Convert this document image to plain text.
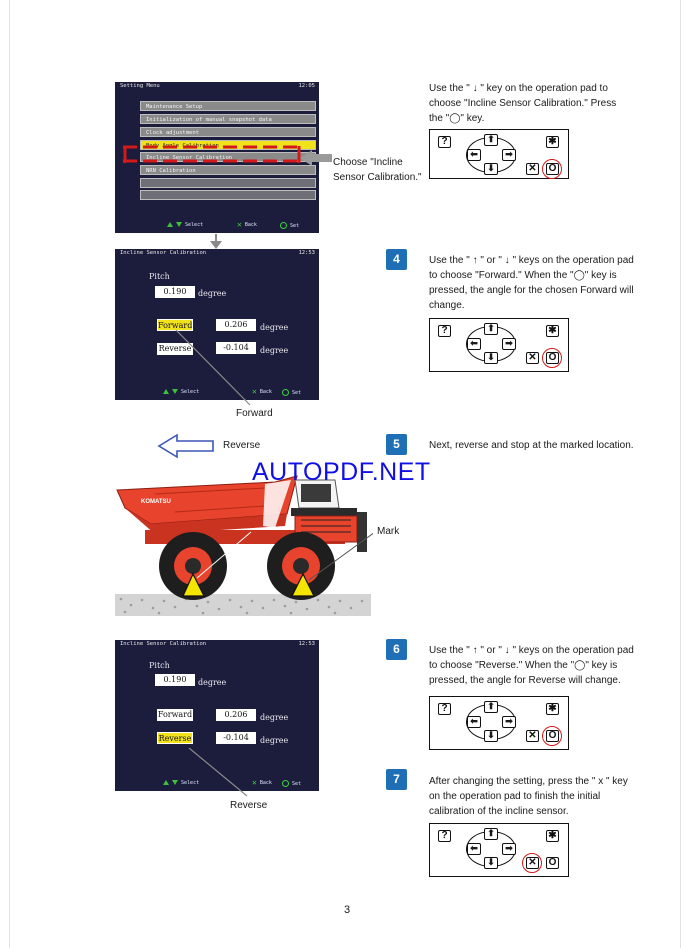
Setting Menu	12:05
Maintenance Setup
Initialization of manual snapshot data
Clock adjustment
Body Angle Calibration
Incline Sensor Calibration
NRN Calibration
Select	✕ Back	Set
Choose "Incline Sensor Calibration."
Use the " ↓ " key on the operation pad to choose "Incline Sensor Calibration." Press the "◯" key.
?	⬆
⬇
⬅	➡
✱
✕ O
Incline Sensor Calibration	12:53
Pitch
0.190	degree
Forward	0.206	degree
Reverse	-0.104	degree
Select	✕ Back	Set
Forward
4	Use the " ↑ " or " ↓ " keys on the operation pad to choose "Forward." When the "◯" key is pressed, the angle for the chosen Forward will change.
?	⬆
⬇
⬅	➡
✱
✕ O
Reverse	5	Next, reverse and stop at the marked location.
KOMATSU
Mark
AUTOPDF.NET
Incline Sensor Calibration	12:53
Pitch
0.190	degree
Forward	0.206	degree
Reverse	-0.104	degree
Select	✕ Back	Set
Reverse
6	Use the " ↑ " or " ↓ " keys on the operation pad to choose "Reverse." When the "◯" key is pressed, the angle for Reverse will change.
?	⬆
⬇
⬅	➡
✱
✕ O
7	After changing the setting, press the " x " key on the operation pad to finish the initial calibration of the incline sensor.
?	⬆
⬇
⬅	➡
✱
✕ O
3
